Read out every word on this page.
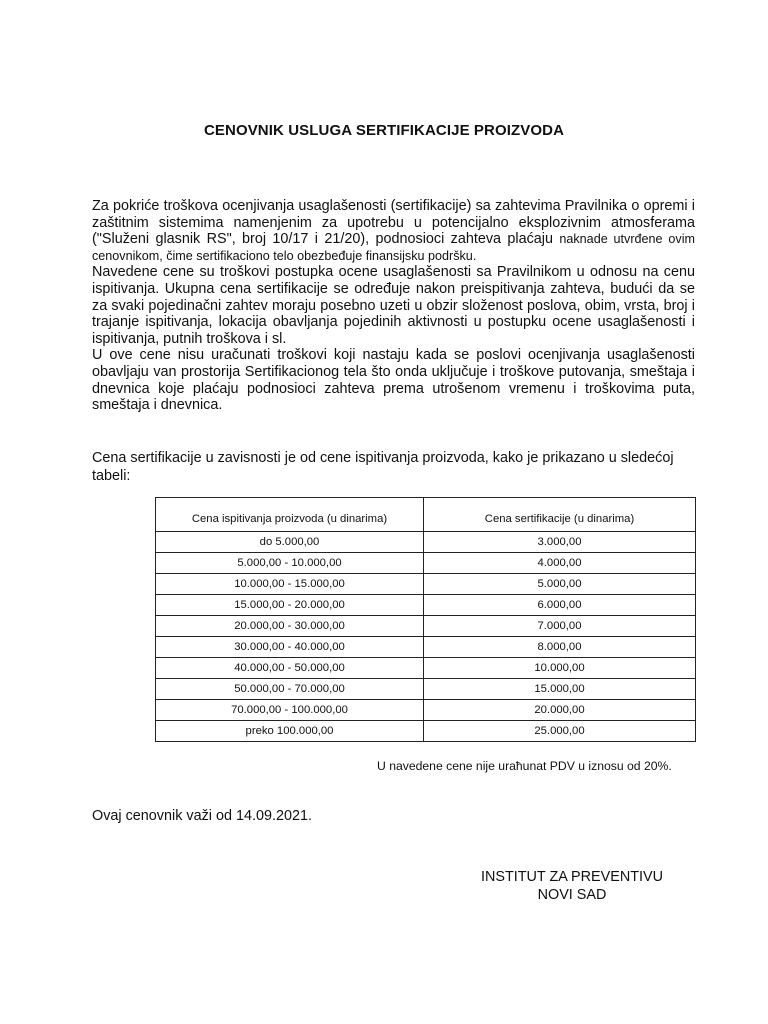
CENOVNIK USLUGA SERTIFIKACIJE PROIZVODA
Za pokriće troškova ocenjivanja usaglašenosti (sertifikacije) sa zahtevima Pravilnika o opremi i zaštitnim sistemima namenjenim za upotrebu u potencijalno eksplozivnim atmosferama ("Služeni glasnik RS", broj 10/17 i 21/20), podnosioci zahteva plaćaju naknade utvrđene ovim cenovnikom, čime sertifikaciono telo obezbeđuje finansijsku podršku.
Navedene cene su troškovi postupka ocene usaglašenosti sa Pravilnikom u odnosu na cenu ispitivanja. Ukupna cena sertifikacije se određuje nakon preispitivanja zahteva, budući da se za svaki pojedinačni zahtev moraju posebno uzeti u obzir složenost poslova, obim, vrsta, broj i trajanje ispitivanja, lokacija obavljanja pojedinih aktivnosti u postupku ocene usaglašenosti i ispitivanja, putnih troškova i sl.
U ove cene nisu uračunati troškovi koji nastaju kada se poslovi ocenjivanja usaglašenosti obavljaju van prostorija Sertifikacionog tela što onda uključuje i troškove putovanja, smeštaja i dnevnica koje plaćaju podnosioci zahteva prema utrošenom vremenu i troškovima puta, smeštaja i dnevnica.
Cena sertifikacije u zavisnosti je od cene ispitivanja proizvoda, kako je prikazano u sledećoj tabeli:
Cena ispitivanja proizvoda (u dinarima)	Cena sertifikacije (u dinarima)
do 5.000,00	3.000,00
5.000,00 - 10.000,00	4.000,00
10.000,00 - 15.000,00	5.000,00
15.000,00 - 20.000,00	6.000,00
20.000,00 - 30.000,00	7.000,00
30.000,00 - 40.000,00	8.000,00
40.000,00 - 50.000,00	10.000,00
50.000,00 - 70.000,00	15.000,00
70.000,00 - 100.000,00	20.000,00
preko 100.000,00	25.000,00
U navedene cene nije uraћunat PDV u iznosu od 20%.
Ovaj cenovnik važi od 14.09.2021.
INSTITUT ZA PREVENTIVU
NOVI SAD
